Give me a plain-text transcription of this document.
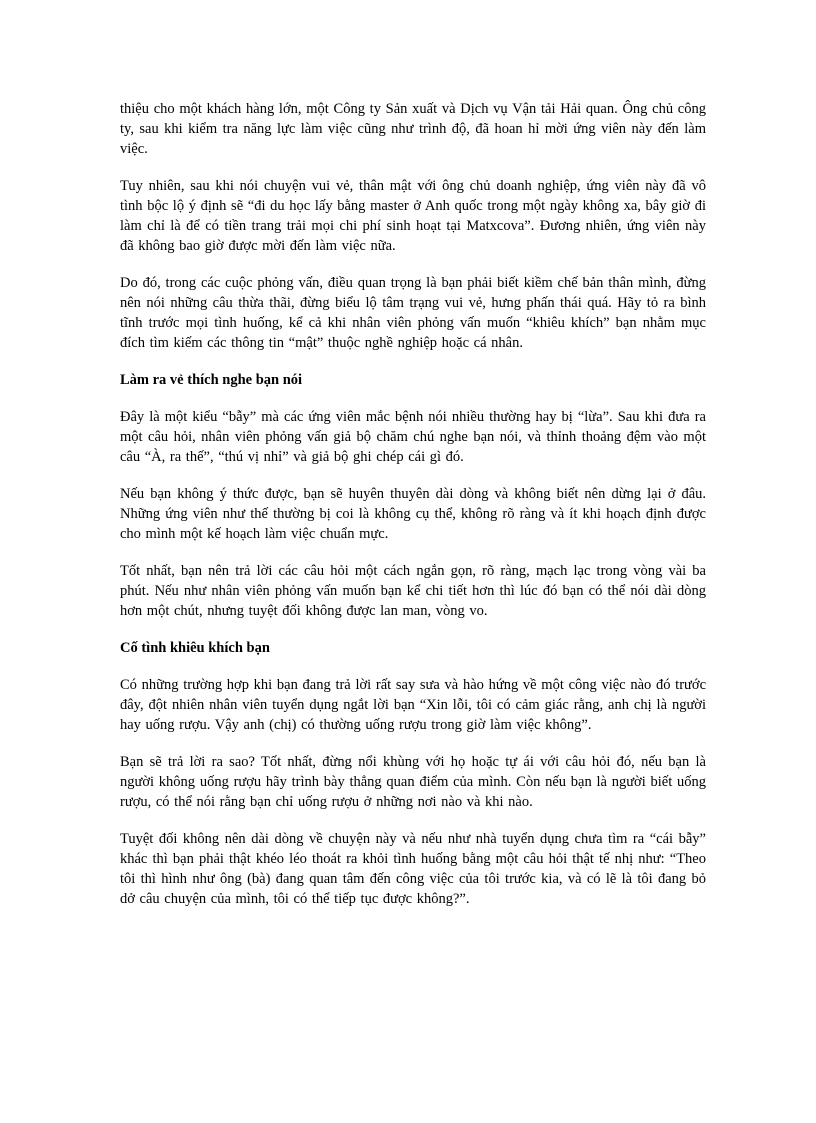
thiệu cho một khách hàng lớn, một Công ty Sản xuất và Dịch vụ Vận tải Hải quan. Ông chủ công ty, sau khi kiểm tra năng lực làm việc cũng như trình độ, đã hoan hỉ mời ứng viên này đến làm việc.

Tuy nhiên, sau khi nói chuyện vui vẻ, thân mật với ông chủ doanh nghiệp, ứng viên này đã vô tình bộc lộ ý định sẽ “đi du học lấy bằng master ở Anh quốc trong một ngày không xa, bây giờ đi làm chỉ là để có tiền trang trải mọi chi phí sinh hoạt tại Matxcova”. Đương nhiên, ứng viên này đã không bao giờ được mời đến làm việc nữa.

Do đó, trong các cuộc phỏng vấn, điều quan trọng là bạn phải biết kiềm chế bản thân mình, đừng nên nói những câu thừa thãi, đừng biểu lộ tâm trạng vui vẻ, hưng phấn thái quá. Hãy tỏ ra bình tĩnh trước mọi tình huống, kể cả khi nhân viên phỏng vấn muốn “khiêu khích” bạn nhằm mục đích tìm kiếm các thông tin “mật” thuộc nghề nghiệp hoặc cá nhân.

Làm ra vẻ thích nghe bạn nói

Đây là một kiểu “bẫy” mà các ứng viên mắc bệnh nói nhiều thường hay bị “lừa”. Sau khi đưa ra một câu hỏi, nhân viên phỏng vấn giả bộ chăm chú nghe bạn nói, và thỉnh thoảng đệm vào một câu “À, ra thế”, “thú vị nhỉ” và giả bộ ghi chép cái gì đó.

Nếu bạn không ý thức được, bạn sẽ huyên thuyên dài dòng và không biết nên dừng lại ở đâu. Những ứng viên như thế thường bị coi là không cụ thể, không rõ ràng và ít khi hoạch định được cho mình một kế hoạch làm việc chuẩn mực.

Tốt nhất, bạn nên trả lời các câu hỏi một cách ngắn gọn, rõ ràng, mạch lạc trong vòng vài ba phút. Nếu như nhân viên phỏng vấn muốn bạn kể chi tiết hơn thì lúc đó bạn có thể nói dài dòng hơn một chút, nhưng tuyệt đối không được lan man, vòng vo.

Cố tình khiêu khích bạn

Có những trường hợp khi bạn đang trả lời rất say sưa và hào hứng về một công việc nào đó trước đây, đột nhiên nhân viên tuyển dụng ngắt lời bạn “Xin lỗi, tôi có cảm giác rằng, anh chị là người hay uống rượu. Vậy anh (chị) có thường uống rượu trong giờ làm việc không”.

Bạn sẽ trả lời ra sao? Tốt nhất, đừng nổi khùng với họ hoặc tự ái với câu hỏi đó, nếu bạn là người không uống rượu hãy trình bày thẳng quan điểm của mình. Còn nếu bạn là người biết uống rượu, có thể nói rằng bạn chỉ uống rượu ở những nơi nào và khi nào.

Tuyệt đối không nên dài dòng về chuyện này và nếu như nhà tuyển dụng chưa tìm ra “cái bẫy” khác thì bạn phải thật khéo léo thoát ra khỏi tình huống bằng một câu hỏi thật tế nhị như: “Theo tôi thì hình như ông (bà) đang quan tâm đến công việc của tôi trước kia, và có lẽ là tôi đang bỏ dở câu chuyện của mình, tôi có thể tiếp tục được không?”.
